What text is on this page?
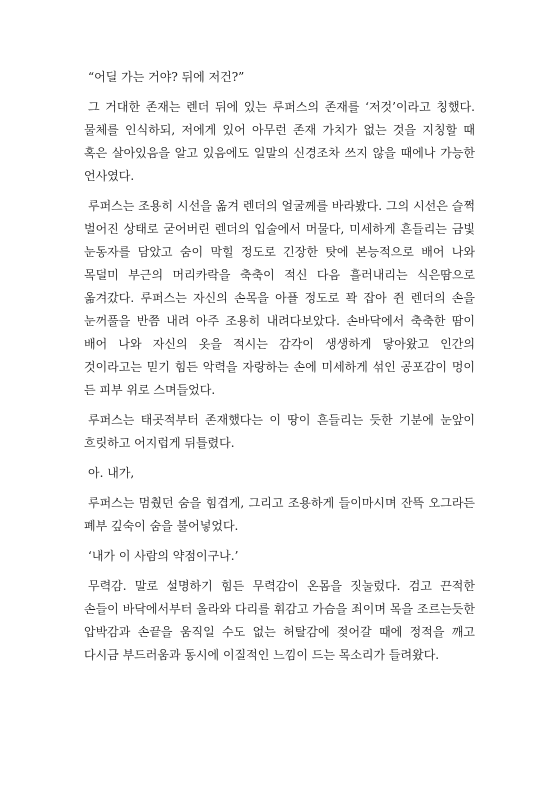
“어딜 가는 거야? 뒤에 저건?”

그 거대한 존재는 렌더 뒤에 있는 루퍼스의 존재를 ‘저것’이라고 칭했다. 물체를 인식하되, 저에게 있어 아무런 존재 가치가 없는 것을 지칭할 때 혹은 살아있음을 알고 있음에도 일말의 신경조차 쓰지 않을 때에나 가능한 언사였다.

루퍼스는 조용히 시선을 옮겨 렌더의 얼굴께를 바라봤다. 그의 시선은 슬쩍 벌어진 상태로 굳어버린 렌더의 입술에서 머물다, 미세하게 흔들리는 금빛 눈동자를 담았고 숨이 막힐 정도로 긴장한 탓에 본능적으로 배어 나와 목덜미 부근의 머리카락을 축축이 적신 다음 흘러내리는 식은땀으로 옮겨갔다. 루퍼스는 자신의 손목을 아플 정도로 꽉 잡아 쥔 렌더의 손을 눈꺼풀을 반쯤 내려 아주 조용히 내려다보았다. 손바닥에서 축축한 땀이 배어 나와 자신의 옷을 적시는 감각이 생생하게 닿아왔고 인간의 것이라고는 믿기 힘든 악력을 자랑하는 손에 미세하게 섞인 공포감이 멍이 든 피부 위로 스며들었다.

루퍼스는 태곳적부터 존재했다는 이 땅이 흔들리는 듯한 기분에 눈앞이 흐릿하고 어지럽게 뒤틀렸다.

아. 내가,

루퍼스는 멈췄던 숨을 힘겹게, 그리고 조용하게 들이마시며 잔뜩 오그라든 폐부 깊숙이 숨을 불어넣었다.

‘내가 이 사람의 약점이구나.’

무력감. 말로 설명하기 힘든 무력감이 온몸을 짓눌렀다. 검고 끈적한 손들이 바닥에서부터 올라와 다리를 휘감고 가슴을 죄이며 목을 조르는듯한 압박감과 손끝을 움직일 수도 없는 허탈감에 젖어갈 때에 정적을 깨고 다시금 부드러움과 동시에 이질적인 느낌이 드는 목소리가 들려왔다.
